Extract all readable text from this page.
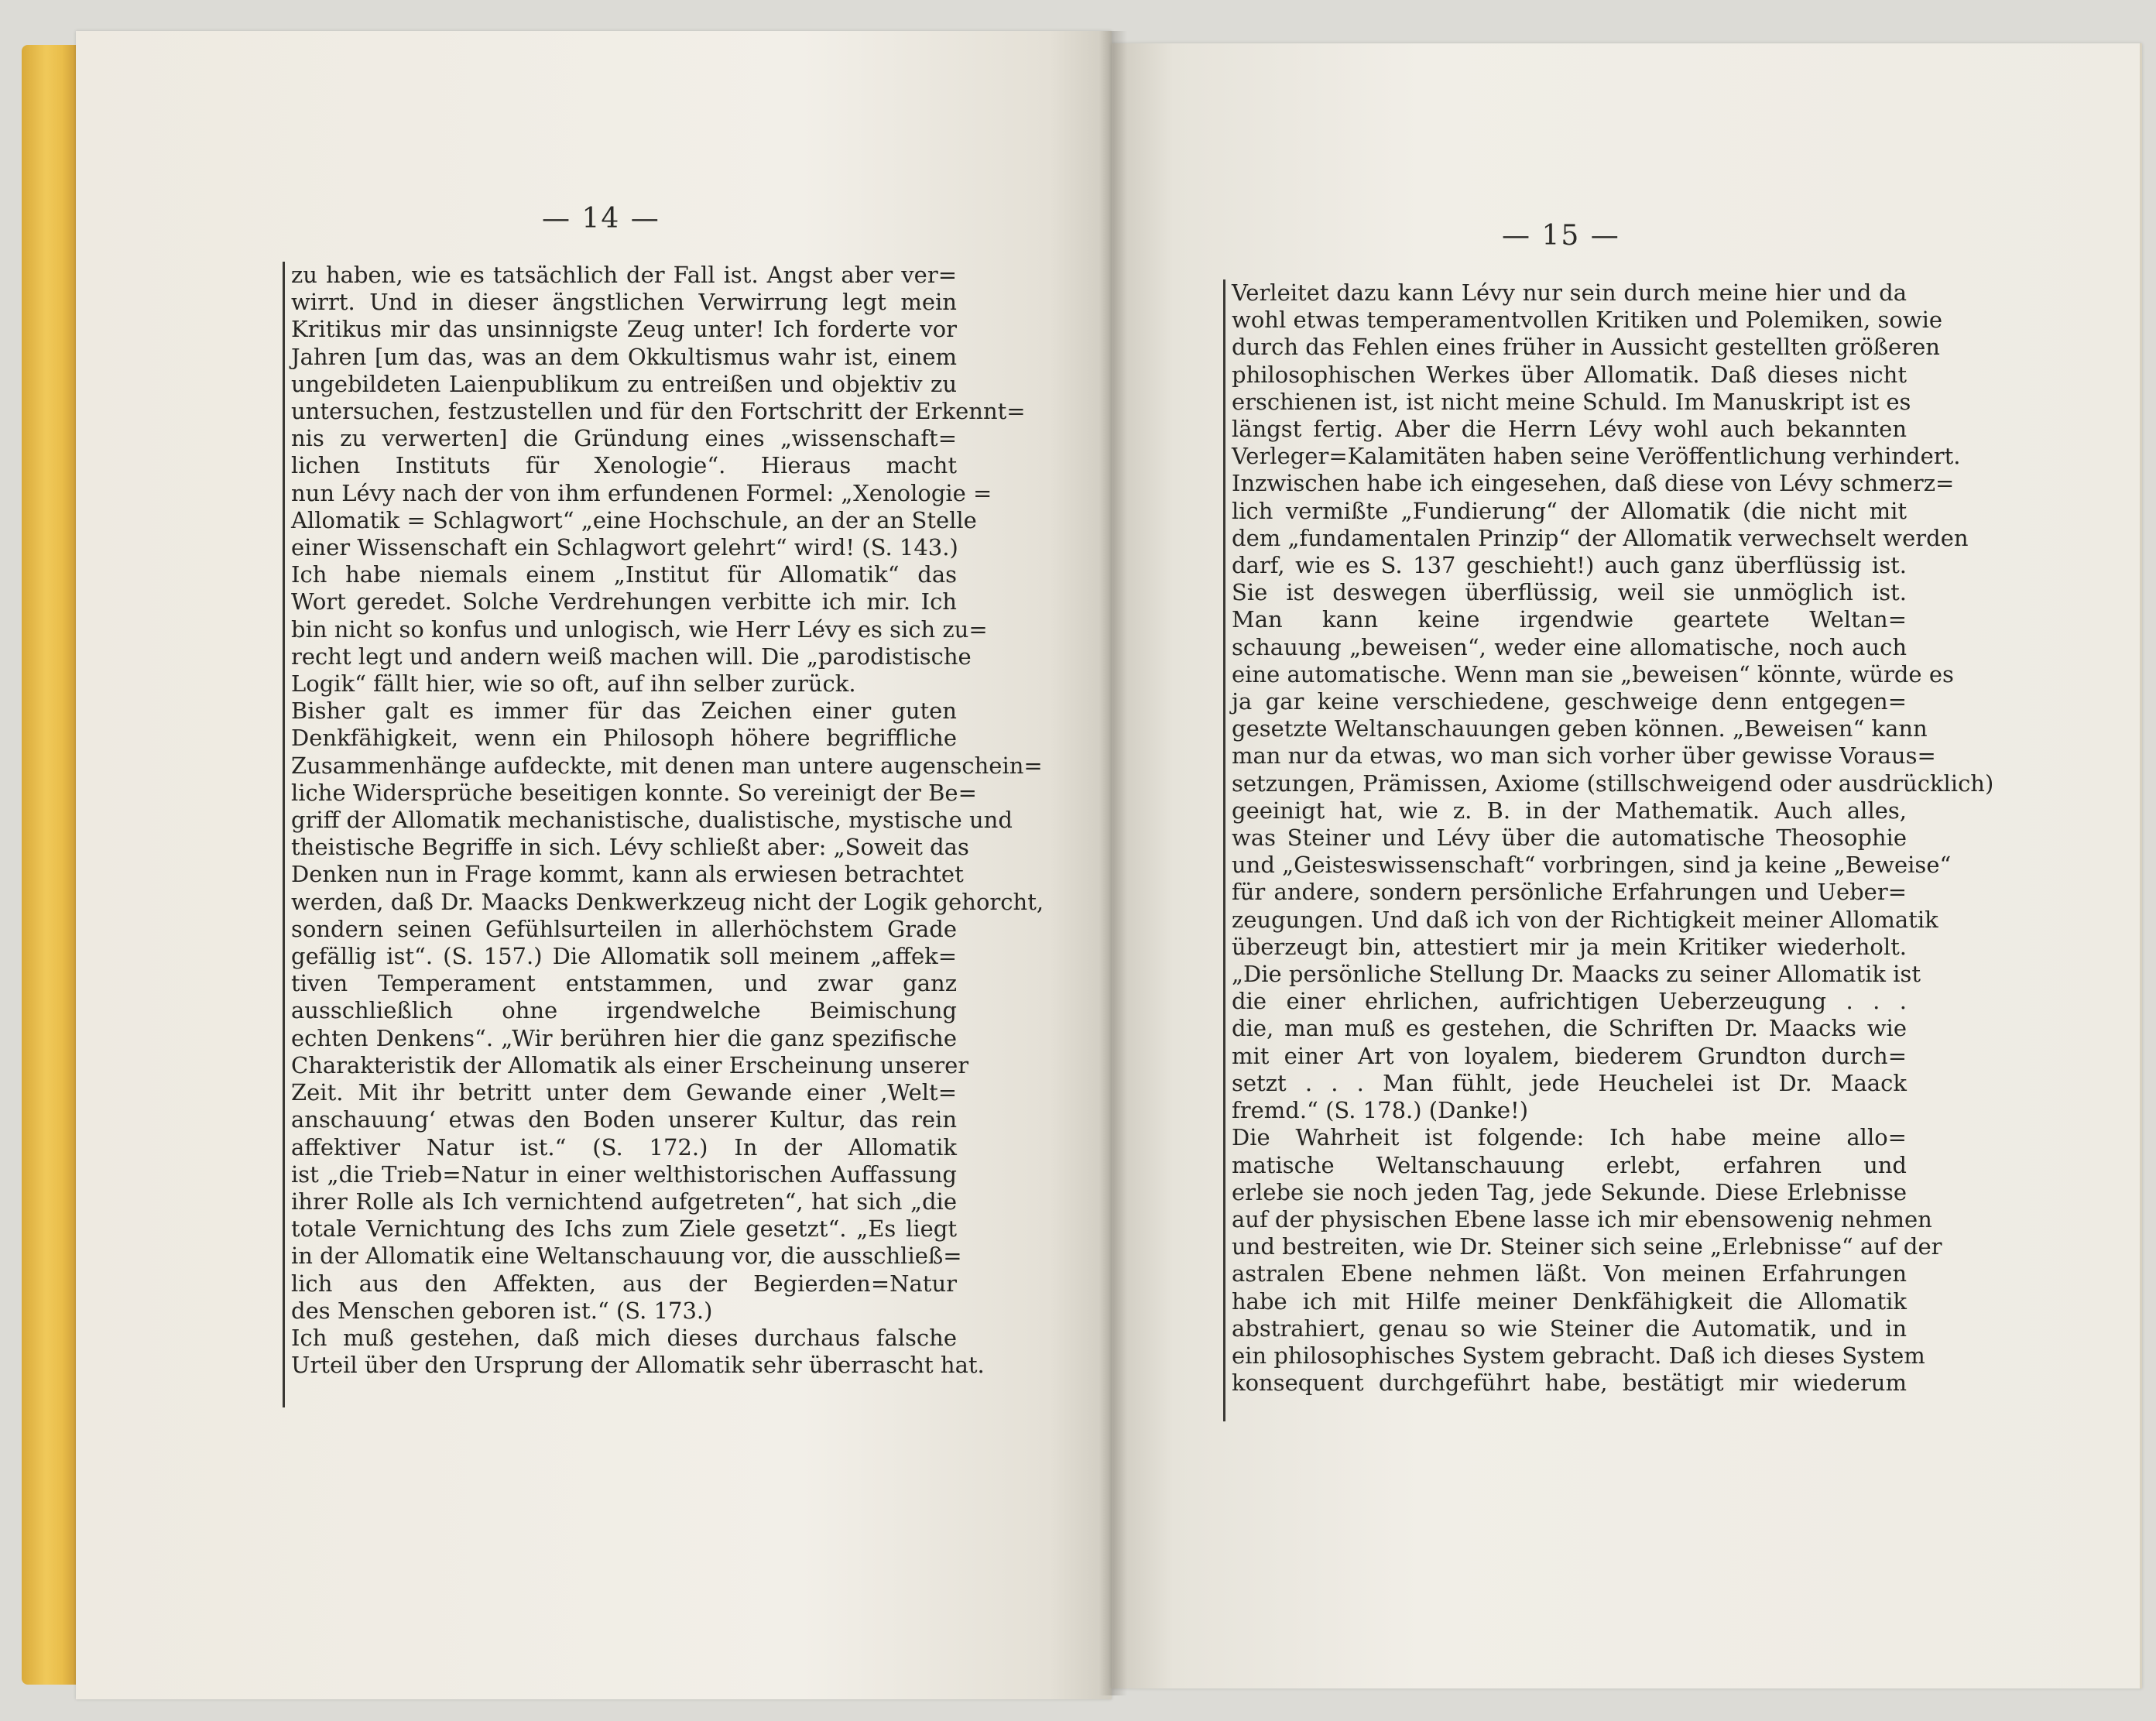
— 14 —
— 15 —
zu haben, wie es tatsächlich der Fall ist. Angst aber ver=
wirrt. Und in dieser ängstlichen Verwirrung legt mein
Kritikus mir das unsinnigste Zeug unter! Ich forderte vor
Jahren [um das, was an dem Okkultismus wahr ist, einem
ungebildeten Laienpublikum zu entreißen und objektiv zu
untersuchen, festzustellen und für den Fortschritt der Erkennt=
nis zu verwerten] die Gründung eines „wissenschaft=
lichen Instituts für Xenologie“. Hieraus macht
nun Lévy nach der von ihm erfundenen Formel: „Xenologie =
Allomatik = Schlagwort“ „eine Hochschule, an der an Stelle
einer Wissenschaft ein Schlagwort gelehrt“ wird! (S. 143.)
Ich habe niemals einem „Institut für Allomatik“ das
Wort geredet. Solche Verdrehungen verbitte ich mir. Ich
bin nicht so konfus und unlogisch, wie Herr Lévy es sich zu=
recht legt und andern weiß machen will. Die „parodistische
Logik“ fällt hier, wie so oft, auf ihn selber zurück.
Bisher galt es immer für das Zeichen einer guten
Denkfähigkeit, wenn ein Philosoph höhere begriffliche
Zusammenhänge aufdeckte, mit denen man untere augenschein=
liche Widersprüche beseitigen konnte. So vereinigt der Be=
griff der Allomatik mechanistische, dualistische, mystische und
theistische Begriffe in sich. Lévy schließt aber: „Soweit das
Denken nun in Frage kommt, kann als erwiesen betrachtet
werden, daß Dr. Maacks Denkwerkzeug nicht der Logik gehorcht,
sondern seinen Gefühlsurteilen in allerhöchstem Grade
gefällig ist“. (S. 157.) Die Allomatik soll meinem „affek=
tiven Temperament entstammen, und zwar ganz
ausschließlich ohne irgendwelche Beimischung
echten Denkens“. „Wir berühren hier die ganz spezifische
Charakteristik der Allomatik als einer Erscheinung unserer
Zeit. Mit ihr betritt unter dem Gewande einer ‚Welt=
anschauung‘ etwas den Boden unserer Kultur, das rein
affektiver Natur ist.“ (S. 172.) In der Allomatik
ist „die Trieb=Natur in einer welthistorischen Auffassung
ihrer Rolle als Ich vernichtend aufgetreten“, hat sich „die
totale Vernichtung des Ichs zum Ziele gesetzt“. „Es liegt
in der Allomatik eine Weltanschauung vor, die ausschließ=
lich aus den Affekten, aus der Begierden=Natur
des Menschen geboren ist.“ (S. 173.)
Ich muß gestehen, daß mich dieses durchaus falsche
Urteil über den Ursprung der Allomatik sehr überrascht hat.
Verleitet dazu kann Lévy nur sein durch meine hier und da
wohl etwas temperamentvollen Kritiken und Polemiken, sowie
durch das Fehlen eines früher in Aussicht gestellten größeren
philosophischen Werkes über Allomatik. Daß dieses nicht
erschienen ist, ist nicht meine Schuld. Im Manuskript ist es
längst fertig. Aber die Herrn Lévy wohl auch bekannten
Verleger=Kalamitäten haben seine Veröffentlichung verhindert.
Inzwischen habe ich eingesehen, daß diese von Lévy schmerz=
lich vermißte „Fundierung“ der Allomatik (die nicht mit
dem „fundamentalen Prinzip“ der Allomatik verwechselt werden
darf, wie es S. 137 geschieht!) auch ganz überflüssig ist.
Sie ist deswegen überflüssig, weil sie unmöglich ist.
Man kann keine irgendwie geartete Weltan=
schauung „beweisen“, weder eine allomatische, noch auch
eine automatische. Wenn man sie „beweisen“ könnte, würde es
ja gar keine verschiedene, geschweige denn entgegen=
gesetzte Weltanschauungen geben können. „Beweisen“ kann
man nur da etwas, wo man sich vorher über gewisse Voraus=
setzungen, Prämissen, Axiome (stillschweigend oder ausdrücklich)
geeinigt hat, wie z. B. in der Mathematik. Auch alles,
was Steiner und Lévy über die automatische Theosophie
und „Geisteswissenschaft“ vorbringen, sind ja keine „Beweise“
für andere, sondern persönliche Erfahrungen und Ueber=
zeugungen. Und daß ich von der Richtigkeit meiner Allomatik
überzeugt bin, attestiert mir ja mein Kritiker wiederholt.
„Die persönliche Stellung Dr. Maacks zu seiner Allomatik ist
die einer ehrlichen, aufrichtigen Ueberzeugung . . .
die, man muß es gestehen, die Schriften Dr. Maacks wie
mit einer Art von loyalem, biederem Grundton durch=
setzt . . . Man fühlt, jede Heuchelei ist Dr. Maack
fremd.“ (S. 178.) (Danke!)
Die Wahrheit ist folgende: Ich habe meine allo=
matische Weltanschauung erlebt, erfahren und
erlebe sie noch jeden Tag, jede Sekunde. Diese Erlebnisse
auf der physischen Ebene lasse ich mir ebensowenig nehmen
und bestreiten, wie Dr. Steiner sich seine „Erlebnisse“ auf der
astralen Ebene nehmen läßt. Von meinen Erfahrungen
habe ich mit Hilfe meiner Denkfähigkeit die Allomatik
abstrahiert, genau so wie Steiner die Automatik, und in
ein philosophisches System gebracht. Daß ich dieses System
konsequent durchgeführt habe, bestätigt mir wiederum
